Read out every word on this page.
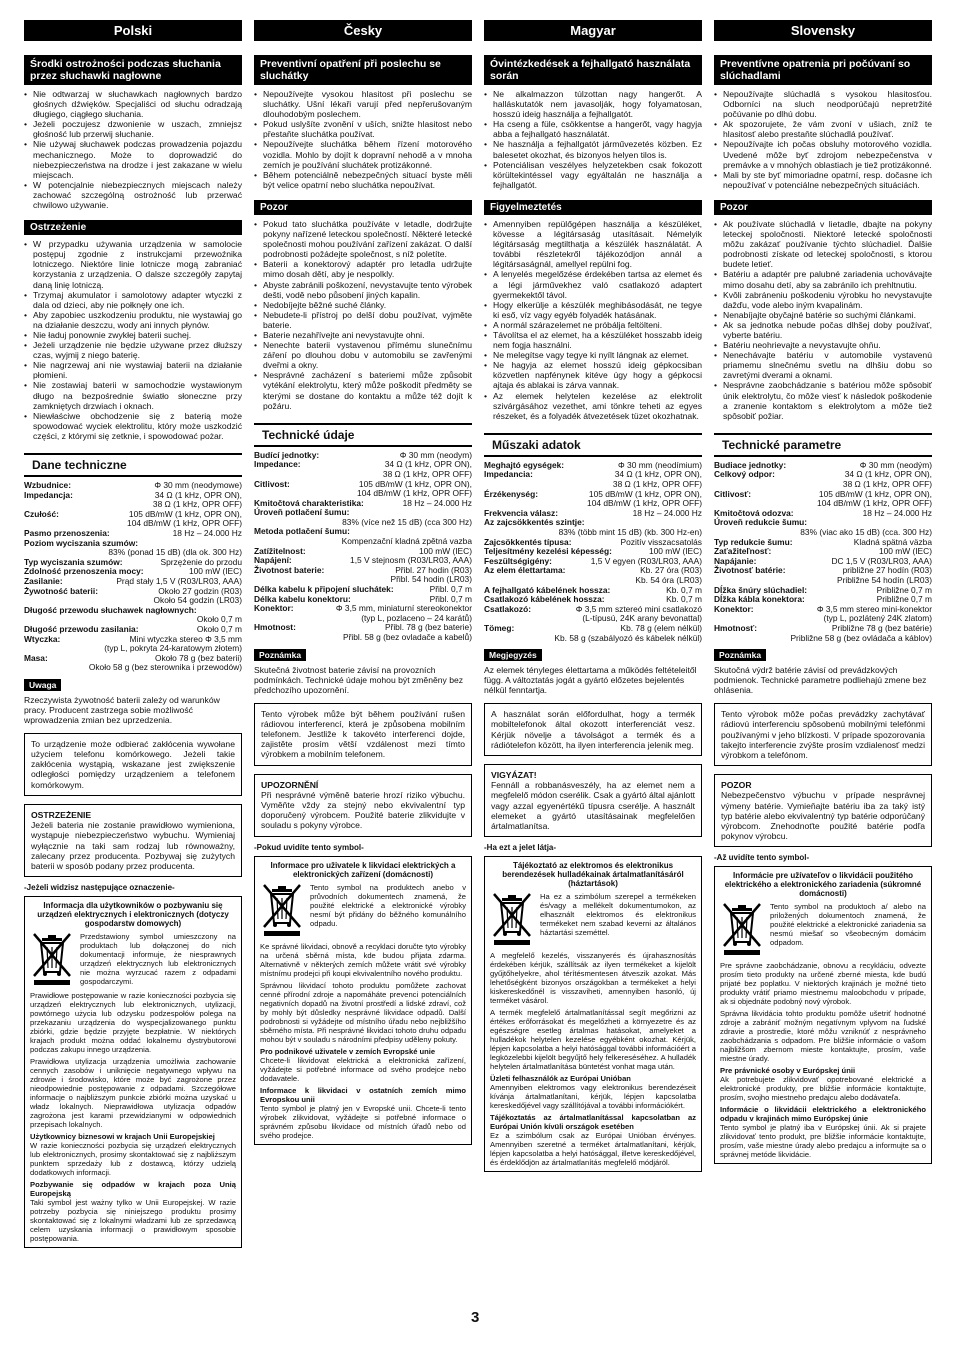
Polski
Środki ostrożności podczas słuchania przez słuchawki nagłowne
• Nie odtwarzaj w słuchawkach nagłownych bardzo głośnych dźwięków. Specjaliści od słuchu odradzają długiego, ciągłego słuchania.
• Jeżeli poczujesz dzwonienie w uszach, zmniejsz głośność lub przerwij słuchanie.
• Nie używaj słuchawek podczas prowadzenia pojazdu mechanicznego. Może to doprowadzić do niebezpieczeństwa na drodze i jest zakazane w wielu miejscach.
• W potencjalnie niebezpiecznych miejscach należy zachować szczególną ostrożność lub przerwać chwilowo używanie.
Ostrzeżenie
• W przypadku używania urządzenia w samolocie postępuj zgodnie z instrukcjami przewoźnika lotniczego. Niektóre linie lotnicze mogą zabraniać korzystania z urządzenia. O dalsze szczegóły zapytaj daną linię lotniczą.
• Trzymaj akumulator i samolotowy adapter wtyczki z dala od dzieci, aby nie połknęły one ich.
• Aby zapobiec uszkodzeniu produktu, nie wystawiaj go na działanie deszczu, wody ani innych płynów.
• Nie ładuj ponownie zwykłej baterii suchej.
• Jeżeli urządzenie nie będzie używane przez dłuższy czas, wyjmij z niego baterię.
• Nie nagrzewaj ani nie wystawiaj baterii na działanie płomieni.
• Nie zostawiaj baterii w samochodzie wystawionym długo na bezpośrednie światło słoneczne przy zamkniętych drzwiach i oknach.
• Niewłaściwe obchodzenie się z baterią może spowodować wyciek elektrolitu, który może uszkodzić części, z którymi się zetknie, i spowodować pożar.
Dane techniczne
Wzbudnice:	Φ 30 mm (neodymowe)
Impedancja:	34 Ω (1 kHz, OPR ON),
38 Ω (1 kHz, OPR OFF)
Czułość:	105 dB/mW (1 kHz, OPR ON),
104 dB/mW (1 kHz, OPR OFF)
Pasmo przenoszenia:	18 Hz – 24.000 Hz
Poziom wyciszania szumów:
83% (ponad 15 dB) (dla ok. 300 Hz)
Typ wyciszania szumów:	Sprzężenie do przodu
Zdolność przenoszenia mocy:	100 mW (IEC)
Zasilanie:	Prąd stały 1,5 V (R03/LR03, AAA)
Żywotność baterii:	Około 27 godzin (R03)
Około 54 godzin (LR03)
Długość przewodu słuchawek nagłownych:
Około 0,7 m
Długość przewodu zasilania:	Około 0,7 m
Wtyczka:	Mini wtyczka stereo Φ 3,5 mm
(typ L, pokryta 24-karatowym złotem)
Masa:	Około 78 g (bez baterii)
Około 58 g (bez sterownika i przewodów)
Uwaga
Rzeczywista żywotność baterii zależy od warunków pracy. Producent zastrzega sobie możliwość wprowadzenia zmian bez uprzedzenia.
To urządzenie może odbierać zakłócenia wywołane użyciem telefonu komórkowego. Jeżeli takie zakłócenia wystąpią, wskazane jest zwiększenie odległości pomiędzy urządzeniem a telefonem komórkowym.
OSTRZEŻENIE
Jeżeli bateria nie zostanie prawidłowo wymieniona, wystąpuje niebezpieczeństwo wybuchu. Wymieniaj wyłącznie na taki sam rodzaj lub równoważny, zalecany przez producenta. Pozbywaj się zużytych baterii w sposób podany przez producenta.
-Jeżeli widzisz następujące oznaczenie-
Informacja dla użytkowników o pozbywaniu się urządzeń elektrycznych i elektronicznych (dotyczy gospodarstw domowych)
Przedstawiony symbol umieszczony na produktach lub dołączonej do nich dokumentacji informuje, że niesprawnych urządzeń elektrycznych lub elektronicznych nie można wyrzucać razem z odpadami gospodarczymi.

Prawidłowe postępowanie w razie konieczności pozbycia się urządzeń elektrycznych lub elektronicznych, utylizacji, powtórnego użycia lub odzysku podzespołów polega na przekazaniu urządzenia do wyspecjalizowanego punktu zbiórki, gdzie będzie przyjęte bezpłatnie. W niektórych krajach produkt można oddać lokalnemu dystrybutorowi podczas zakupu innego urządzenia.

Prawidłowa utylizacja urządzenia umożliwia zachowanie cennych zasobów i uniknięcie negatywnego wpływu na zdrowie i środowisko, które może być zagrożone przez nieodpowiednie postępowanie z odpadami. Szczegółowe informacje o najbliższym punkcie zbiórki można uzyskać u władz lokalnych. Nieprawidłowa utylizacja odpadów zagrożona jest karami przewidzianymi w odpowiednich przepisach lokalnych.

Użytkownicy biznesowi w krajach Unii Europejskiej
W razie konieczności pozbycia się urządzeń elektrycznych lub elektronicznych, prosimy skontaktować się z najbliższym punktem sprzedaży lub z dostawcą, którzy udzielą dodatkowych informacji.
Pozbywanie się odpadów w krajach poza Unią Europejską
Taki symbol jest ważny tylko w Unii Europejskej. W razie potrzeby pozbycia się niniejszego produktu prosimy skontaktować się z lokalnymi władzami lub ze sprzedawcą celem uzyskania informacji o prawidłowym sposobie postępowania.
Česky
Preventivní opatření při poslechu se sluchátky
• Nepoužívejte vysokou hlasitost při poslechu se sluchátky. Ušní lékaři varují před nepřerušovaným dlouhodobým poslechem.
• Pokud uslyšíte zvonění v uších, snižte hlasitost nebo přestaňte sluchátka používat.
• Nepoužívejte sluchátka během řízení motorového vozidla. Mohlo by dojít k dopravní nehodě a v mnoha zemích je používání sluchátek protizákonné.
• Během potenciálně nebezpečných situací byste měli být velice opatrní nebo sluchátka nepoužívat.
Pozor
• Pokud tato sluchátka používáte v letadle, dodržujte pokyny nařízené leteckou společností. Některé letecké společnosti mohou používání zařízení zakázat. O další podrobnosti požádejte společnost, s níž poletíte.
• Baterii a konektorový adaptér pro letadla udržujte mimo dosah dětí, aby je nespolkly.
• Abyste zabránili poškození, nevystavujte tento výrobek dešti, vodě nebo působení jiných kapalin.
• Nedobíjejte běžné suché články.
• Nebudete-li přístroj po delší dobu používat, vyjměte baterie.
• Baterie nezahřívejte ani nevystavujte ohni.
• Nenechte baterii vystavenou přímému slunečnímu záření po dlouhou dobu v automobilu se zavřenými dveřmi a okny.
• Nesprávné zacházení s bateriemi může způsobit vytékání elektrolytu, který může poškodit předměty se kterými se dostane do kontaktu a může též dojít k požáru.
Technické údaje
Budící jednotky:	Φ 30 mm (neodym)
Impedance:	34 Ω (1 kHz, OPR ON),
38 Ω (1 kHz, OPR OFF)
Citlivost:	105 dB/mW (1 kHz, OPR ON),
104 dB/mW (1 kHz, OPR OFF)
Kmitočtová charakteristika:	18 Hz – 24.000 Hz
Úroveň potlačení šumu:
83% (více než 15 dB) (cca 300 Hz)
Metoda potlačení šumu:
Kompenzační kladná zpětná vazba
Zatížitelnost:	100 mW (IEC)
Napájení:	1,5 V stejnosm (R03/LR03, AAA)
Životnost baterie:	Přibl. 27 hodin (R03)
Přibl. 54 hodin (LR03)
Délka kabelu k připojení sluchátek:	Přibl. 0,7 m
Délka kabelu konektoru:	Přibl. 0,7 m
Konektor:	Φ 3,5 mm, miniaturní stereokonektor
(typ L, pozlaceno – 24 karátů)
Hmotnost:	Přibl. 78 g (bez baterie)
Přibl. 58 g (bez ovladače a kabelů)
Poznámka
Skutečná životnost baterie závisí na provozních podmínkách. Technické údaje mohou být změněny bez předchozího upozornění.
Tento výrobek může být během používání rušen rádiovou interferencí, která je způsobena mobilním telefonem. Jestliže k takovéto interferenci dojde, zajistěte prosím větší vzdálenost mezi tímto výrobkem a mobilním telefonem.
UPOZORNĚNÍ
Při nesprávné výměně baterie hrozí riziko výbuchu. Vyměňte vždy za stejný nebo ekvivalentní typ doporučený výrobcem. Použité baterie zlikvidujte v souladu s pokyny výrobce.
-Pokud uvidíte tento symbol-
Informace pro uživatele k likvidaci elektrických a elektronických zařízení (domácnosti)
Tento symbol na produktech anebo v průvodních dokumentech znamená, že použité elektrické a elektronické výrobky nesmí být přidány do běžného komunálního odpadu.

Ke správné likvidaci, obnově a recyklaci doručte tyto výrobky na určená sběrná místa, kde budou přijata zdarma. Alternativně v některých zemích můžete vrátit své výrobky místnímu prodejci při koupi ekvivalentního nového produktu.

Správnou likvidací tohoto produktu pomůžete zachovat cenné přírodní zdroje a napomáháte prevenci potenciálních negativních dopadů na životní prostředí a lidské zdraví, což by mohly být důsledky nesprávné likvidace odpadů. Další podrobnosti si vyžádejte od místního úřadu nebo nejbližšího sběrného místa. Při nesprávné likvidaci tohoto druhu odpadu mohou být v souladu s národními předpisy uděleny pokuty.

Pro podnikové uživatele v zemích Evropské unie
Chcete-li likvidovat elektrická a elektronická zařízení, vyžádejte si potřebné informace od svého prodejce nebo dodavatele.
Informace k likvidaci v ostatních zemích mimo Evropskou unii
Tento symbol je platný jen v Evropské unii. Chcete-li tento výrobek zlikvidovat, vyžádejte si potřebné informace o správném způsobu likvidace od místních úřadů nebo od svého prodejce.
Magyar
Óvintézkedések a fejhallgató használata során
• Ne alkalmazzon túlzottan nagy hangerőt. A halláskutatók nem javasolják, hogy folyamatosan, hosszú ideig használja a fejhallgatót.
• Ha cseng a füle, csökkentse a hangerőt, vagy hagyja abba a fejhallgató használatát.
• Ne használja a fejhallgatót járművezetés közben. Ez balesetet okozhat, és bizonyos helyen tilos is.
• Potenciálisan veszélyes helyzetekben csak fokozott körültekintéssel vagy egyáltalán ne használja a fejhallgatót.
Figyelmeztetés
• Amennyiben repülőgépen használja a készüléket, kövesse a légitársaság utasításait. Némelyik légitársaság megtilthatja a készülék használatát. A további részletekről tájékozódjon annál a légitársaságnál, amellyel repülni fog.
• A lenyelés megelőzése érdekében tartsa az elemet és a légi járművekhez való csatlakozó adaptert gyermekektől távol.
• Hogy elkerülje a készülék meghibásodását, ne tegye ki eső, víz vagy egyéb folyadék hatásának.
• A normál szárazelemet ne próbálja feltölteni.
• Távolítsa el az elemet, ha a készüléket hosszabb ideig nem fogja használni.
• Ne melegítse vagy tegye ki nyílt lángnak az elemet.
• Ne hagyja az elemet hosszú ideig gépkocsiban közvetlen napfénynek kitéve úgy hogy a gépkocsi ajtaja és ablakai is zárva vannak.
• Az elemek helytelen kezelése az elektrolit szivárgásához vezethet, ami tönkre teheti az egyes részeket, és a folyadék átvezetések tüzet okozhatnak.
Műszaki adatok
Meghajtó egységek:	Φ 30 mm (neodímium)
Impedancia:	34 Ω (1 kHz, OPR ON),
38 Ω (1 kHz, OPR OFF)
Érzékenység:	105 dB/mW (1 kHz, OPR ON),
104 dB/mW (1 kHz, OPR OFF)
Frekvencia válasz:	18 Hz – 24.000 Hz
Az zajcsökkentés szintje:
83% (több mint 15 dB) (kb. 300 Hz-en)
Zajcsökkentés típusa:	Pozitív visszacsatolás
Teljesítmény kezelési képesség:	100 mW (IEC)
Feszültségigény:	1,5 V egyen (R03/LR03, AAA)
Az elem élettartama:	Kb. 27 óra (R03)
Kb. 54 óra (LR03)
A fejhallgató kábelének hossza:	Kb. 0,7 m
Csatlakozó kábelének hossza:	Kb. 0,7 m
Csatlakozó:	Φ 3,5 mm sztereó mini csatlakozó
(L-típusú, 24K arany bevonattal)
Tömeg:	Kb. 78 g (elem nélkül)
Kb. 58 g (szabályozó és kábelek nélkül)
Megjegyzés
Az elemek tényleges élettartama a működés feltételeitől függ. A változtatás jogát a gyártó előzetes bejelentés nélkül fenntartja.
A használat során előfordulhat, hogy a termék mobiltelefonok által okozott interferenciát vesz. Kérjük növelje a távolságot a termék és a rádiótelefon között, ha ilyen interferencia jelenik meg.
VIGYÁZAT!
Fennáll a robbanásveszély, ha az elemet nem a megfelelő módon cserélik. Csak a gyártó által ajánlott vagy azzal egyenértékű típusra cserélje. A használt elemeket a gyártó utasításainak megfelelően ártalmatlanítsa.
-Ha ezt a jelet látja-
Tájékoztató az elektromos és elektronikus berendezések hulladékainak ártalmatlanításáról (háztartások)
Ha ez a szimbólum szerepel a termékeken és/vagy a mellékelt dokumentumokon, az elhasznált elektromos és elektronikus termékeket nem szabad keverni az általános háztartási szeméttel.

A megfelelő kezelés, visszanyerés és újrahasznosítás érdekében kérjük, szállítsák az ilyen termékeket a kijelölt gyűjtőhelyekre, ahol térítésmentesen átveszik azokat. Más lehetőségként bizonyos országokban a termékeket a helyi kiskereskedőnél is visszaviheti, amennyiben hasonló, új terméket vásárol.

A termék megfelelő ártalmatlanítással segít megőrizni az értékes erőforrásokat és megelőzheti a környezetre és az egészségre esetleg ártalmas hatásokat, amelyeket a hulladékok helytelen kezelése egyébként okozhat. Kérjük, lépjen kapcsolatba a helyi hatósággal további információért a legközelebbi kijelölt begyűjtő hely felkereséséhez. A hulladék helytelen ártalmatlanítása büntetést vonhat maga után.

Üzleti felhasználók az Európai Unióban
Amennyiben elektromos vagy elektronikus berendezéseit kívánja ártalmatlanítani, kérjük, lépjen kapcsolatba kereskedőjével vagy szállítójával a további információkért.
Tájékoztatás az ártalmatlanítással kapcsolatban az Európai Unión kívüli országok esetében
Ez a szimbólum csak az Európai Unióban érvényes. Amennyiben szeretné a terméket ártalmatlanítani, kérjük, lépjen kapcsolatba a helyi hatósággal, illetve kereskedőjével, és érdeklődjön az ártalmatlanítás megfelelő módjáról.
Slovensky
Preventívne opatrenia pri počúvaní so slúchadlami
• Nepoužívajte slúchadlá s vysokou hlasitosťou. Odborníci na sluch neodporúčajú nepretržité počúvanie po dlhú dobu.
• Ak spozorujete, že vám zvoní v ušiach, zníž te hlasitosť alebo prestaňte slúchadlá používať.
• Nepoužívajte ich počas obsluhy motorového vozidla. Uvedené môže byť zdrojom nebezpečenstva v premávke a v mnohých oblastiach je tiež protizákonné.
• Mali by ste byť mimoriadne opatrní, resp. dočasne ich nepoužívať v potenciálne nebezpečných situáciách.
Pozor
• Ak používate slúchadlá v lietadle, dbajte na pokyny leteckej spoločnosti. Niektoré letecké spoločnosti môžu zakázať používanie týchto slúchadiel. Ďalšie podrobnosti získate od leteckej spoločnosti, s ktorou budete letieť.
• Batériu a adaptér pre palubné zariadenia uchovávajte mimo dosahu detí, aby sa zabránilo ich prehltnutiu.
• Kvôli zabráneniu poškodeniu výrobku ho nevystavujte dažďu, vode alebo iným kvapalinám.
• Nenabíjajte obyčajné batérie so suchými článkami.
• Ak sa jednotka nebude počas dlhšej doby používať, vyberte batériu.
• Batériu neohrievajte a nevystavujte ohňu.
• Nenechávajte batériu v automobile vystavenú priamemu slnečnému svetlu na dlhšiu dobu so zavretými dverami a oknami.
• Nesprávne zaobchádzanie s batériou môže spôsobiť únik elektrolytu, čo môže viesť k následok poškodenie a zranenie kontaktom s elektrolytom a môže tiež spôsobiť požiar.
Technické parametre
Budiace jednotky:	Φ 30 mm (neodým)
Celkový odpor:	34 Ω (1 kHz, OPR ON),
38 Ω (1 kHz, OPR OFF)
Citlivosť:	105 dB/mW (1 kHz, OPR ON),
104 dB/mW (1 kHz, OPR OFF)
Kmitočtová odozva:	18 Hz – 24.000 Hz
Úroveň redukcie šumu:
83% (viac ako 15 dB) (cca. 300 Hz)
Typ redukcie šumu:	Kladná spätná väzba
Zaťažiteľnosť:	100 mW (IEC)
Napájanie:	DC 1,5 V (R03/LR03, AAA)
Životnosť batérie:	približne 27 hodín (R03)
Približne 54 hodín (LR03)
Dĺžka šnúry slúchadiel:	Približne 0,7 m
Dĺžka kábla konektora:	Približne 0,7 m
Konektor:	Φ 3,5 mm stereo mini-konektor
(typ L, pozlátený 24K zlatom)
Hmotnosť:	Približne 78 g (bez batérie)
Približne 58 g (bez ovládača a káblov)
Poznámka
Skutočná výdrž batérie závisí od prevádzkových podmienok. Technické parametre podliehajú zmene bez ohlásenia.
Tento výrobok môže počas prevádzky zachytávať rádiovú interferenciu spôsobenú mobilnými telefónmi používanými v jeho blízkosti. V prípade spozorovania takejto interferencie zvýšte prosím vzdialenosť medzi výrobkom a telefónom.
POZOR
Nebezpečenstvo výbuchu v prípade nesprávnej výmeny batérie. Vymieňajte batériu iba za taký istý typ batérie alebo ekvivalentný typ batérie odporúčaný výrobcom. Znehodnoťte použité batérie podľa pokynov výrobcu.
-Až uvidíte tento symbol-
Informácie pre užívateľov o likvidácii použitého elektrického a elektronického zariadenia (súkromné domácnosti)
Tento symbol na produktoch a/ alebo na priložených dokumentoch znamená, že použité elektrické a elektronické zariadenia sa nesmú miešať so všeobecným domácim odpadom.

Pre správne zaobchádzanie, obnovu a recykláciu, odvezte prosím tieto produkty na určené zberné miesta, kde budú prijaté bez poplatku. V niektorých krajinách je možné tieto produkty vrátiť priamo miestnemu maloobchodu v prípade, ak si objednáte podobný nový výrobok.

Správna likvidácia tohto produktu pomôže ušetriť hodnotné zdroje a zabrániť možným negatívnym vplyvom na ľudské zdravie a prostredie, ktoré môžu vzniknúť z nesprávneho zaobchádzania s odpadom. Pre bližšie informácie o vašom najbližšom zbernom mieste kontaktujte, prosím, vaše miestne úrady.

Pre právnické osoby v Európskej únii
Ak potrebujete zlikvidovať opotrebované elektrické a elektronické produkty, pre bližšie informácie kontaktujte, prosím, svojho miestneho predajcu alebo dodávateľa.
Informácie o likvidácii elektrického a elektronického odpadu v krajinách mimo Európskej únie
Tento symbol je platný iba v Európskej únii. Ak si prajete zlikvidovať tento produkt, pre bližšie informácie kontaktujte, prosím, vaše miestne úrady alebo predajcu a informujte sa o správnej metóde likvidácie.
3
